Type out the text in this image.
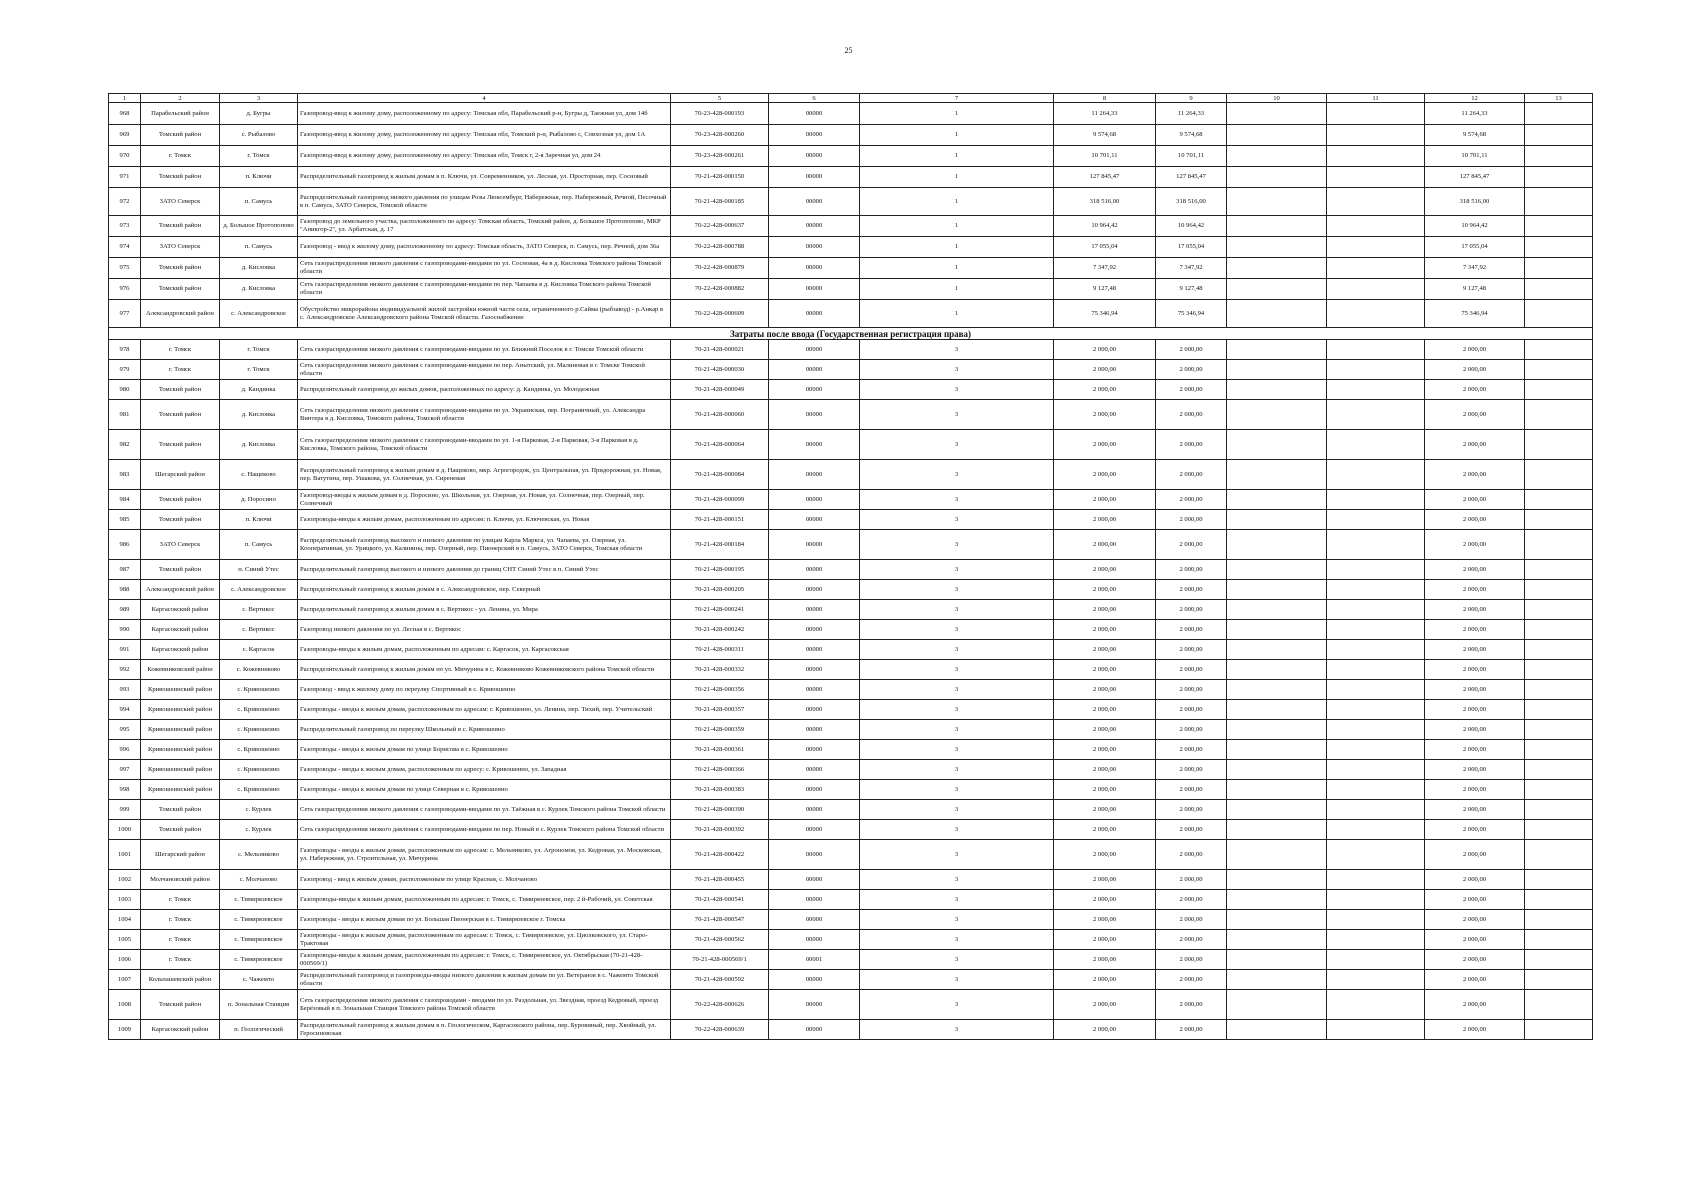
25
1	2	3	4	5	6	7	8	9	10	11	12	13
968	Парабельский район	д. Бугры	Газопровод-ввод к жилому дому, расположенному по адресу: Томская обл, Парабельский р-н, Бугры д, Таежная ул, дом 14б	70-23-428-000193	00000	1	11 264,33	11 264,33			11 264,33	
969	Томский район	с. Рыбалово	Газопровод-ввод к жилому дому, расположенному по адресу: Томская обл, Томский р-н, Рыбалово с, Совхозная ул, дом 1А	70-23-428-000260	00000	1	9 574,68	9 574,68			9 574,68	
970	г. Томск	г. Томск	Газопровод-ввод к жилому дому, расположенному по адресу: Томская обл, Томск г, 2-я Заречная ул, дом 24	70-23-428-000261	00000	1	10 701,11	10 701,11			10 701,11	
971	Томский район	п. Ключи	Распределительный газопровод к жилым домам в п. Ключи, ул. Современников, ул. Лесная, ул. Просторная, пер. Сосновый	70-21-428-000150	00000	1	127 845,47	127 845,47			127 845,47	
972	ЗАТО Северск	п. Самусь	Распределительный газопровод низкого давления по улицам Розы Люксембург, Набережная, пер. Набережный, Речной, Песочный в п. Самусь, ЗАТО Северск, Томской области	70-21-428-000185	00000	1	318 516,00	318 516,00			318 516,00	
973	Томский район	д. Большое Протопопово	Газопровод до земельного участка, расположенного по адресу: Томская область, Томский район, д. Большое Протопопово, МКР "Аникгор-2", ул. Арбатская, д. 17	70-22-428-000637	00000	1	10 964,42	10 964,42			10 964,42	
974	ЗАТО Северск	п. Самусь	Газопровод - ввод к жилому дому, расположенному по адресу: Томская область, ЗАТО Северск, п. Самусь, пер. Речной, дом 36а	70-22-428-000788	00000	1	17 055,04	17 055,04			17 055,04	
975	Томский район	д. Кисловка	Сеть газораспределения низкого давления с газопроводами-вводами по ул. Сосновая, 4а в д. Кисловка Томского района Томской области	70-22-428-000879	00000	1	7 347,92	7 347,92			7 347,92	
976	Томский район	д. Кисловка	Сеть газораспределения низкого давления с газопроводами-вводами по пер. Чапаева в д. Кисловка Томского района Томской области	70-22-428-000882	00000	1	9 127,48	9 127,48			9 127,48	
977	Александровский район	с. Александровское	Обустройство микрорайона индивидуальной жилой застройки южной части села, ограниченного р.Сайма (рыбзавод) - р.Анкар в с. Александровское Александровского района Томской области. Газоснабжение	70-22-428-000609	00000	1	75 346,94	75 346,94			75 346,94	
Затраты после ввода (Государственная регистрация права)												
978	г. Томск	г. Томск	Сеть газораспределения низкого давления с газопроводами-вводами по ул. Ближний Поселок в г. Томске Томской области	70-21-428-000021	00000	3	2 000,00	2 000,00			2 000,00	
979	г. Томск	г. Томск	Сеть газораспределения низкого давления с газопроводами-вводами по пер. Анытский, ул. Малиновая в г. Томске Томской области	70-21-428-000030	00000	3	2 000,00	2 000,00			2 000,00	
980	Томский район	д. Кандинка	Распределительный газопровод до жилых домов, расположенных по адресу: д. Кандинка, ул. Молодежная	70-21-428-000049	00000	3	2 000,00	2 000,00			2 000,00	
981	Томский район	д. Кисловка	Сеть газораспределения низкого давления с газопроводами-вводами по ул. Украинская, пер. Пограничный, ул. Александра Винтера в д. Кисловка, Томского района, Томской области	70-21-428-000060	00000	3	2 000,00	2 000,00			2 000,00	
982	Томский район	д. Кисловка	Сеть газораспределения низкого давления с газопроводами-вводами по ул. 1-я Парковая, 2-я Парковая, 3-я Парковая в д. Кисловка, Томского района, Томской области	70-21-428-000064	00000	3	2 000,00	2 000,00			2 000,00	
983	Шегарский район	с. Нащеково	Распределительный газопровод к жилым домам в д. Нащеково, мкр. Агрогородок, ул. Центральная, ул. Придорожная, ул. Новая, пер. Ватутина, пер. Ушакова, ул. Солнечная, ул. Сиреневая	70-21-428-000084	00000	3	2 000,00	2 000,00			2 000,00	
984	Томский район	д. Поросино	Газопровод-вводы к жилым домам в д. Поросино, ул. Школьная, ул. Озерная, ул. Новая, ул. Солнечная, пер. Озерный, пер. Солнечный	70-21-428-000099	00000	3	2 000,00	2 000,00			2 000,00	
985	Томский район	п. Ключи	Газопроводы-вводы к жилым домам, расположенным по адресам: п. Ключи, ул. Ключевская, ул. Новая	70-21-428-000151	00000	3	2 000,00	2 000,00			2 000,00	
986	ЗАТО Северск	п. Самусь	Распределительный газопровод высокого и низкого давления по улицам Карла Маркса, ул. Чапаева, ул. Озерная, ул. Кооперативная, ул. Урицкого, ул. Калинина, пер. Озерный, пер. Пионерский в п. Самусь, ЗАТО Северск, Томская области	70-21-428-000184	00000	3	2 000,00	2 000,00			2 000,00	
987	Томский район	п. Синий Утес	Распределительный газопровод высокого и низкого давления до границ СНТ Синий Утес в п. Синий Утес	70-21-428-000195	00000	3	2 000,00	2 000,00			2 000,00	
988	Александровский район	с. Александровское	Распределительный газопровод к жилым домам в с. Александровское, пер. Северный	70-21-428-000205	00000	3	2 000,00	2 000,00			2 000,00	
989	Каргасокский район	с. Вертикос	Распределительный газопровод к жилым домам в с. Вертикос - ул. Ленина, ул. Мира	70-21-428-000241	00000	3	2 000,00	2 000,00			2 000,00	
990	Каргасокский район	с. Вертикос	Газопровод низкого давления по ул. Лесная в с. Вертикос	70-21-428-000242	00000	3	2 000,00	2 000,00			2 000,00	
991	Каргасокский район	с. Каргасок	Газопроводы-вводы к жилым домам, расположенным по адресам: с. Каргасок, ул. Каргасокская	70-21-428-000311	00000	3	2 000,00	2 000,00			2 000,00	
992	Кожевниковский район	с. Кожевниково	Распределительный газопровод к жилым домам по ул. Мичурина в с. Кожевниково Кожевниковского района Томской области	70-21-428-000332	00000	3	2 000,00	2 000,00			2 000,00	
993	Кривошеинский район	с. Кривошеино	Газопровод - ввод к жилому дому по переулку Спортивный в с. Кривошеино	70-21-428-000356	00000	3	2 000,00	2 000,00			2 000,00	
994	Кривошеинский район	с. Кривошеино	Газопроводы - вводы к жилым домам, расположенным по адресам: г. Кривошеино, ул. Ленина, пер. Тихий, пер. Учительский	70-21-428-000357	00000	3	2 000,00	2 000,00			2 000,00	
995	Кривошеинский район	с. Кривошеино	Распределительный газопровод по переулку Школьный в с. Кривошеино	70-21-428-000359	00000	3	2 000,00	2 000,00			2 000,00	
996	Кривошеинский район	с. Кривошеино	Газопроводы - вводы к жилым домам по улице Борисова в с. Кривошеино	70-21-428-000361	00000	3	2 000,00	2 000,00			2 000,00	
997	Кривошеинский район	с. Кривошеино	Газопроводы - вводы к жилым домам, расположенным по адресу: с. Кривошеино, ул. Западная	70-21-428-000366	00000	3	2 000,00	2 000,00			2 000,00	
998	Кривошеинский район	с. Кривошеино	Газопроводы - вводы к жилым домам по улице Северная в с. Кривошеино	70-21-428-000383	00000	3	2 000,00	2 000,00			2 000,00	
999	Томский район	с. Курлек	Сеть газораспределения низкого давления с газопроводами-вводами по ул. Таёжная в с. Курлек Томского района Томской области	70-21-428-000390	00000	3	2 000,00	2 000,00			2 000,00	
1000	Томский район	с. Курлек	Сеть газораспределения низкого давления с газопроводами-вводами по пер. Новый в с. Курлек Томского района Томской области	70-21-428-000392	00000	3	2 000,00	2 000,00			2 000,00	
1001	Шегарский район	с. Мельниково	Газопроводы - вводы к жилым домам, расположенным по адресам: с. Мельниково, ул. Агрономов, ул. Кедровая, ул. Московская, ул. Набережная, ул. Строительная, ул. Мичурина	70-21-428-000422	00000	3	2 000,00	2 000,00			2 000,00	
1002	Молчановский район	с. Молчаново	Газопровод - ввод к жилым домам, расположенным по улице Красная, с. Молчаново	70-21-428-000455	00000	3	2 000,00	2 000,00			2 000,00	
1003	г. Томск	с. Тимирязевское	Газопроводы-вводы к жилым домам, расположенным по адресам: г. Томск, с. Тимирязевское, пер. 2 й-Рабочий, ул. Советская	70-21-428-000541	00000	3	2 000,00	2 000,00			2 000,00	
1004	г. Томск	с. Тимирязевское	Газопроводы - вводы к жилым домам по ул. Большая Пионерская в с. Тимирязевское г. Томска	70-21-428-000547	00000	3	2 000,00	2 000,00			2 000,00	
1005	г. Томск	с. Тимирязевское	Газопроводы - вводы к жилым домам, расположенным по адресам: г. Томск, с. Тимирязевское, ул. Циолковского, ул. Старо-Трактовая	70-21-428-000562	00000	3	2 000,00	2 000,00			2 000,00	
1006	г. Томск	с. Тимирязевское	Газопроводы-вводы к жилым домам, расположенным по адресам: г. Томск, с. Тимирязевское, ул. Октябрьская (70-21-428-000569/1)	70-21-428-000569/1	00001	3	2 000,00	2 000,00			2 000,00	
1007	Кольпашевский район	с. Чажемто	Распределительный газопровод и газопроводы-вводы низкого давления к жилым домам по ул. Ветеранов в с. Чажемто Томской области	70-21-428-000592	00000	3	2 000,00	2 000,00			2 000,00	
1008	Томский район	п. Зональная Станция	Сеть газораспределения низкого давления с газопроводами - вводами по ул. Раздольная, ул. Звездная, проезд Кедровый, проезд Берёзовый в п. Зональная Станция Томского района Томской области	70-22-428-000626	00000	3	2 000,00	2 000,00			2 000,00	
1009	Каргасокский район	п. Геологический	Распределительный газопровод к жилым домам в п. Геологическом, Каргасокского района, пер. Буровиный, пер. Хвойный, ул. Геросиновская	70-22-428-000639	00000	3	2 000,00	2 000,00			2 000,00	
